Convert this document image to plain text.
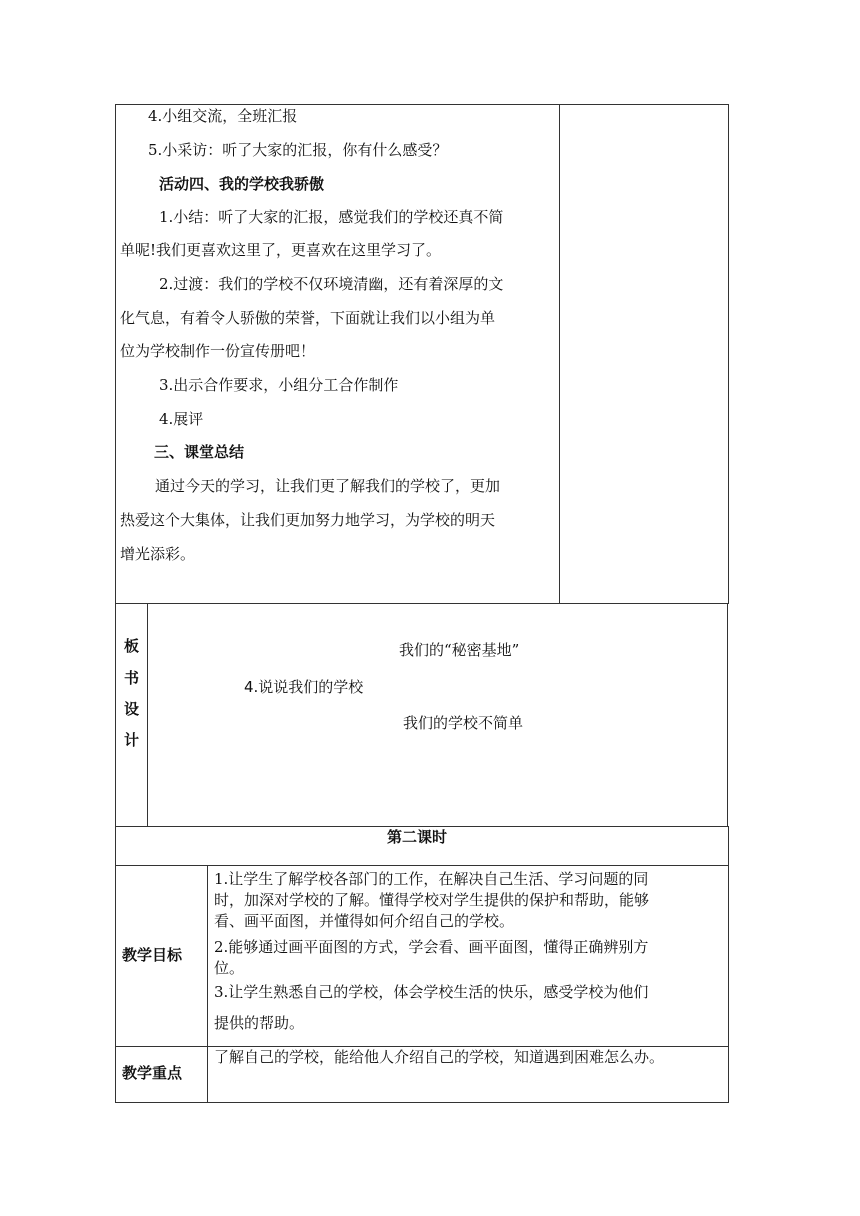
4.小组交流，全班汇报
5.小采访：听了大家的汇报，你有什么感受？
活动四、我的学校我骄傲
1.小结：听了大家的汇报，感觉我们的学校还真不简
单呢!我们更喜欢这里了，更喜欢在这里学习了。
2.过渡：我们的学校不仅环境清幽，还有着深厚的文
化气息，有着令人骄傲的荣誉，下面就让我们以小组为单
位为学校制作一份宣传册吧！
3.出示合作要求，小组分工合作制作
4.展评
三、课堂总结
通过今天的学习，让我们更了解我们的学校了，更加
热爱这个大集体，让我们更加努力地学习，为学校的明天
增光添彩。
板
书
设
计
我们的“秘密基地”
4.说说我们的学校
我们的学校不简单
第二课时
教学目标
1.让学生了解学校各部门的工作，在解决自己生活、学习问题的同
时，加深对学校的了解。懂得学校对学生提供的保护和帮助，能够
看、画平面图，并懂得如何介绍自己的学校。
2.能够通过画平面图的方式，学会看、画平面图，懂得正确辨别方
位。
3.让学生熟悉自己的学校，体会学校生活的快乐，感受学校为他们
提供的帮助。
教学重点
了解自己的学校，能给他人介绍自己的学校，知道遇到困难怎么办。
